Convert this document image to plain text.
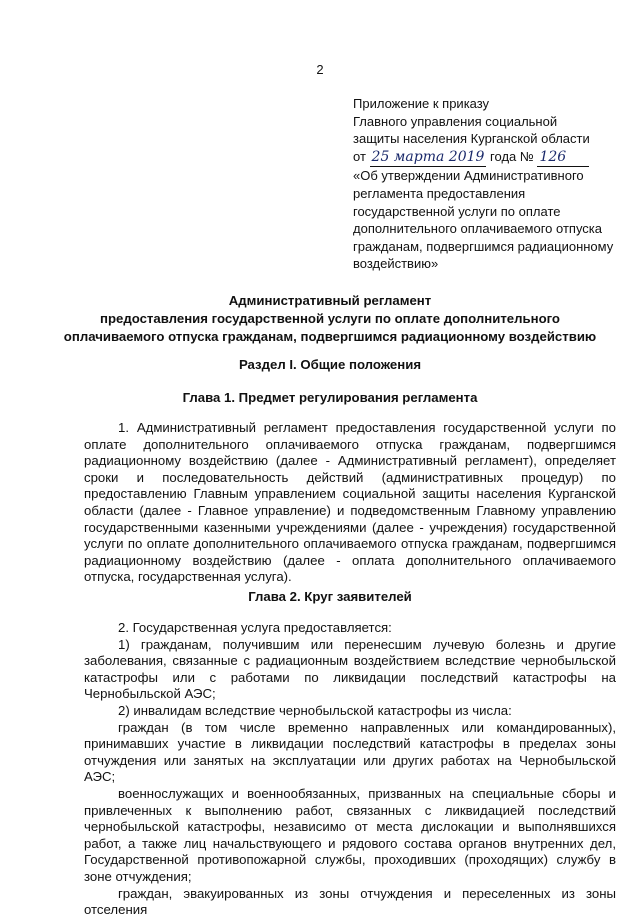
2
Приложение к приказу
Главного управления социальной
защиты населения Курганской области
от 25 марта 2019 года № 126
«Об утверждении Административного регламента предоставления государственной услуги по оплате дополнительного оплачиваемого отпуска гражданам, подвергшимся радиационному воздействию»
Административный регламент
предоставления государственной услуги по оплате дополнительного
оплачиваемого отпуска гражданам, подвергшимся радиационному воздействию
Раздел I. Общие положения
Глава 1. Предмет регулирования регламента

1. Административный регламент предоставления государственной услуги по оплате дополнительного оплачиваемого отпуска гражданам, подвергшимся радиационному воздействию (далее - Административный регламент), определяет сроки и последовательность действий (административных процедур) по предоставлению Главным управлением социальной защиты населения Курганской области (далее - Главное управление) и подведомственным Главному управлению государственными казенными учреждениями (далее - учреждения) государственной услуги по оплате дополнительного оплачиваемого отпуска гражданам, подвергшимся радиационному воздействию (далее - оплата дополнительного оплачиваемого отпуска, государственная услуга).

Глава 2. Круг заявителей

2. Государственная услуга предоставляется:

1) гражданам, получившим или перенесшим лучевую болезнь и другие заболевания, связанные с радиационным воздействием вследствие чернобыльской катастрофы или с работами по ликвидации последствий катастрофы на Чернобыльской АЭС;

2) инвалидам вследствие чернобыльской катастрофы из числа:

граждан (в том числе временно направленных или командированных), принимавших участие в ликвидации последствий катастрофы в пределах зоны отчуждения или занятых на эксплуатации или других работах на Чернобыльской АЭС;

военнослужащих и военнообязанных, призванных на специальные сборы и привлеченных к выполнению работ, связанных с ликвидацией последствий чернобыльской катастрофы, независимо от места дислокации и выполнявшихся работ, а также лиц начальствующего и рядового состава органов внутренних дел, Государственной противопожарной службы, проходивших (проходящих) службу в зоне отчуждения;

граждан, эвакуированных из зоны отчуждения и переселенных из зоны отселения
